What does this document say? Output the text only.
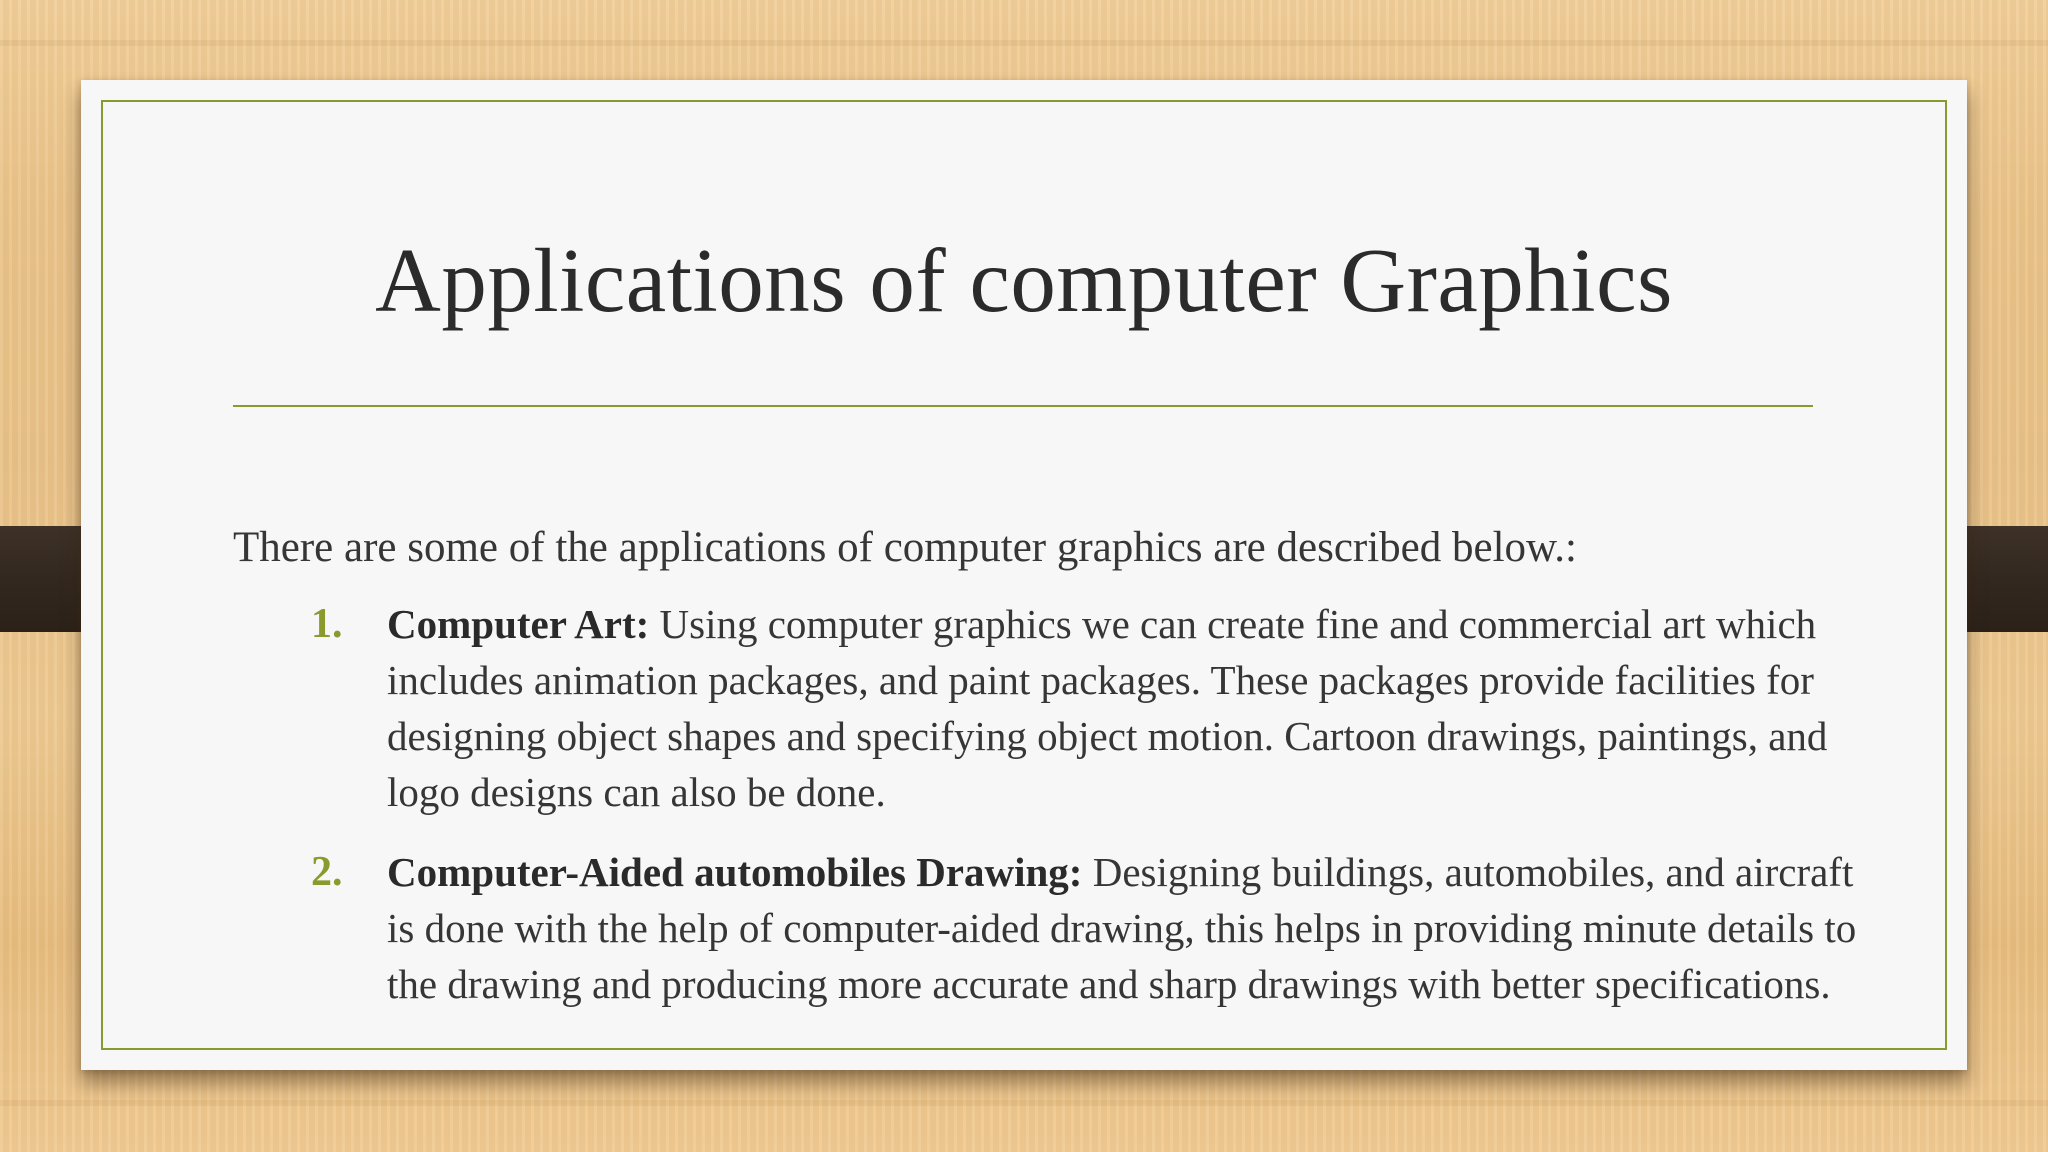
Applications of computer Graphics

There are some of the applications of computer graphics are described below.:

1. Computer Art: Using computer graphics we can create fine and commercial art which includes animation packages, and paint packages. These packages provide facilities for designing object shapes and specifying object motion. Cartoon drawings, paintings, and logo designs can also be done.
2. Computer-Aided automobiles Drawing: Designing buildings, automobiles, and aircraft is done with the help of computer-aided drawing, this helps in providing minute details to the drawing and producing more accurate and sharp drawings with better specifications.
